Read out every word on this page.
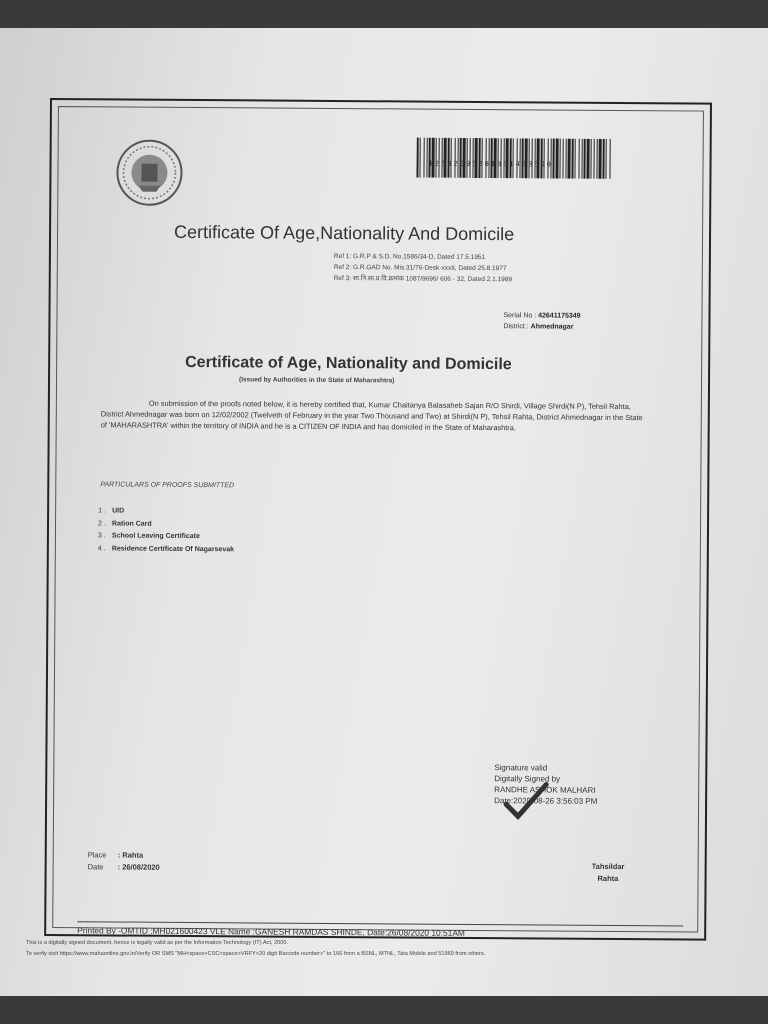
12532006201001458690
Certificate Of Age,Nationality And Domicile
Ref 1: G.R.P & S.D. No.1586/34-D, Dated 17.5.1951
Ref 2: G.R.GAD No. Mis.31/76-Desk-xxxII, Dated 25.8.1977
Ref 3: शा.नि.सा.प्र.वि.क्रमांक 1087/9696/ 606 - 32, Dated 2.1.1989
Serial No : 42641175349
District : Ahmednagar
Certificate of Age, Nationality and Domicile
(Issued by Authorities in the State of Maharashtra)
On submission of the proofs noted below, it is hereby certified that, Kumar Chaitanya Balasaheb Sajan R/O Shirdi, Village Shirdi(N P), Tehsil Rahta, District Ahmednagar was born on 12/02/2002 (Twelveth of February in the year Two Thousand and Two) at Shirdi(N P), Tehsil Rahta, District Ahmednagar in the State of 'MAHARASHTRA' within the territory of INDIA and he is a CITIZEN OF INDIA and has domiciled in the State of Maharashtra.
PARTICULARS OF PROOFS SUBMITTED
1 . UID
2 . Ration Card
3 . School Leaving Certificate
4 . Residence Certificate Of Nagarsevak
Signature valid
Digitally Signed by
RANDHE ASHOK MALHARI
Date:2020-08-26 3:56:03 PM
Place : Rahta
Date : 26/08/2020	Tahsildar
Rahta
Printed By -OMTID :MH021600423 VLE Name :GANESH RAMDAS SHINDE, Date:26/08/2020 10:51AM
This is a digitally signed document, hence is legally valid as per the Information Technology (IT) Act, 2000.
To verify visit https://www.mahaonline.gov.in/Verify OR SMS "MH<space>CSC<space>VRFY<20 digit Barcode number>" to 166 from a BSNL, MTNL, Tata Mobile and 51969 from others.
